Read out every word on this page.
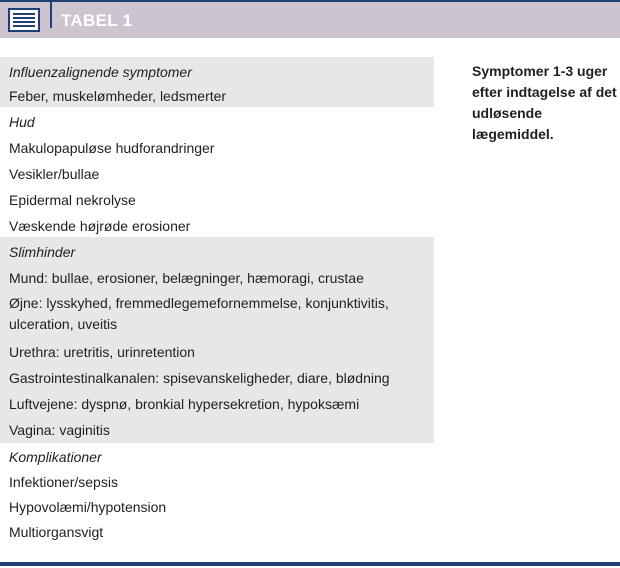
TABEL 1
Influenzalignende symptomer
Feber, muskelømheder, ledsmerter
Hud
Makulopapuløse hudforandringer
Vesikler/bullae
Epidermal nekrolyse
Væskende højrøde erosioner
Slimhinder
Mund: bullae, erosioner, belægninger, hæmoragi, crustae
Øjne: lysskyhed, fremmedlegemefornemmelse, konjunktivitis, ulceration, uveitis
Urethra: uretritis, urinretention
Gastrointestinalkanalen: spisevanskeligheder, diare, blødning
Luftvejene: dyspnø, bronkial hypersekretion, hypoksæmi
Vagina: vaginitis
Komplikationer
Infektioner/sepsis
Hypovolæmi/hypotension
Multiorgansvigt
Symptomer 1-3 uger efter indtagelse af det udløsende lægemiddel.
